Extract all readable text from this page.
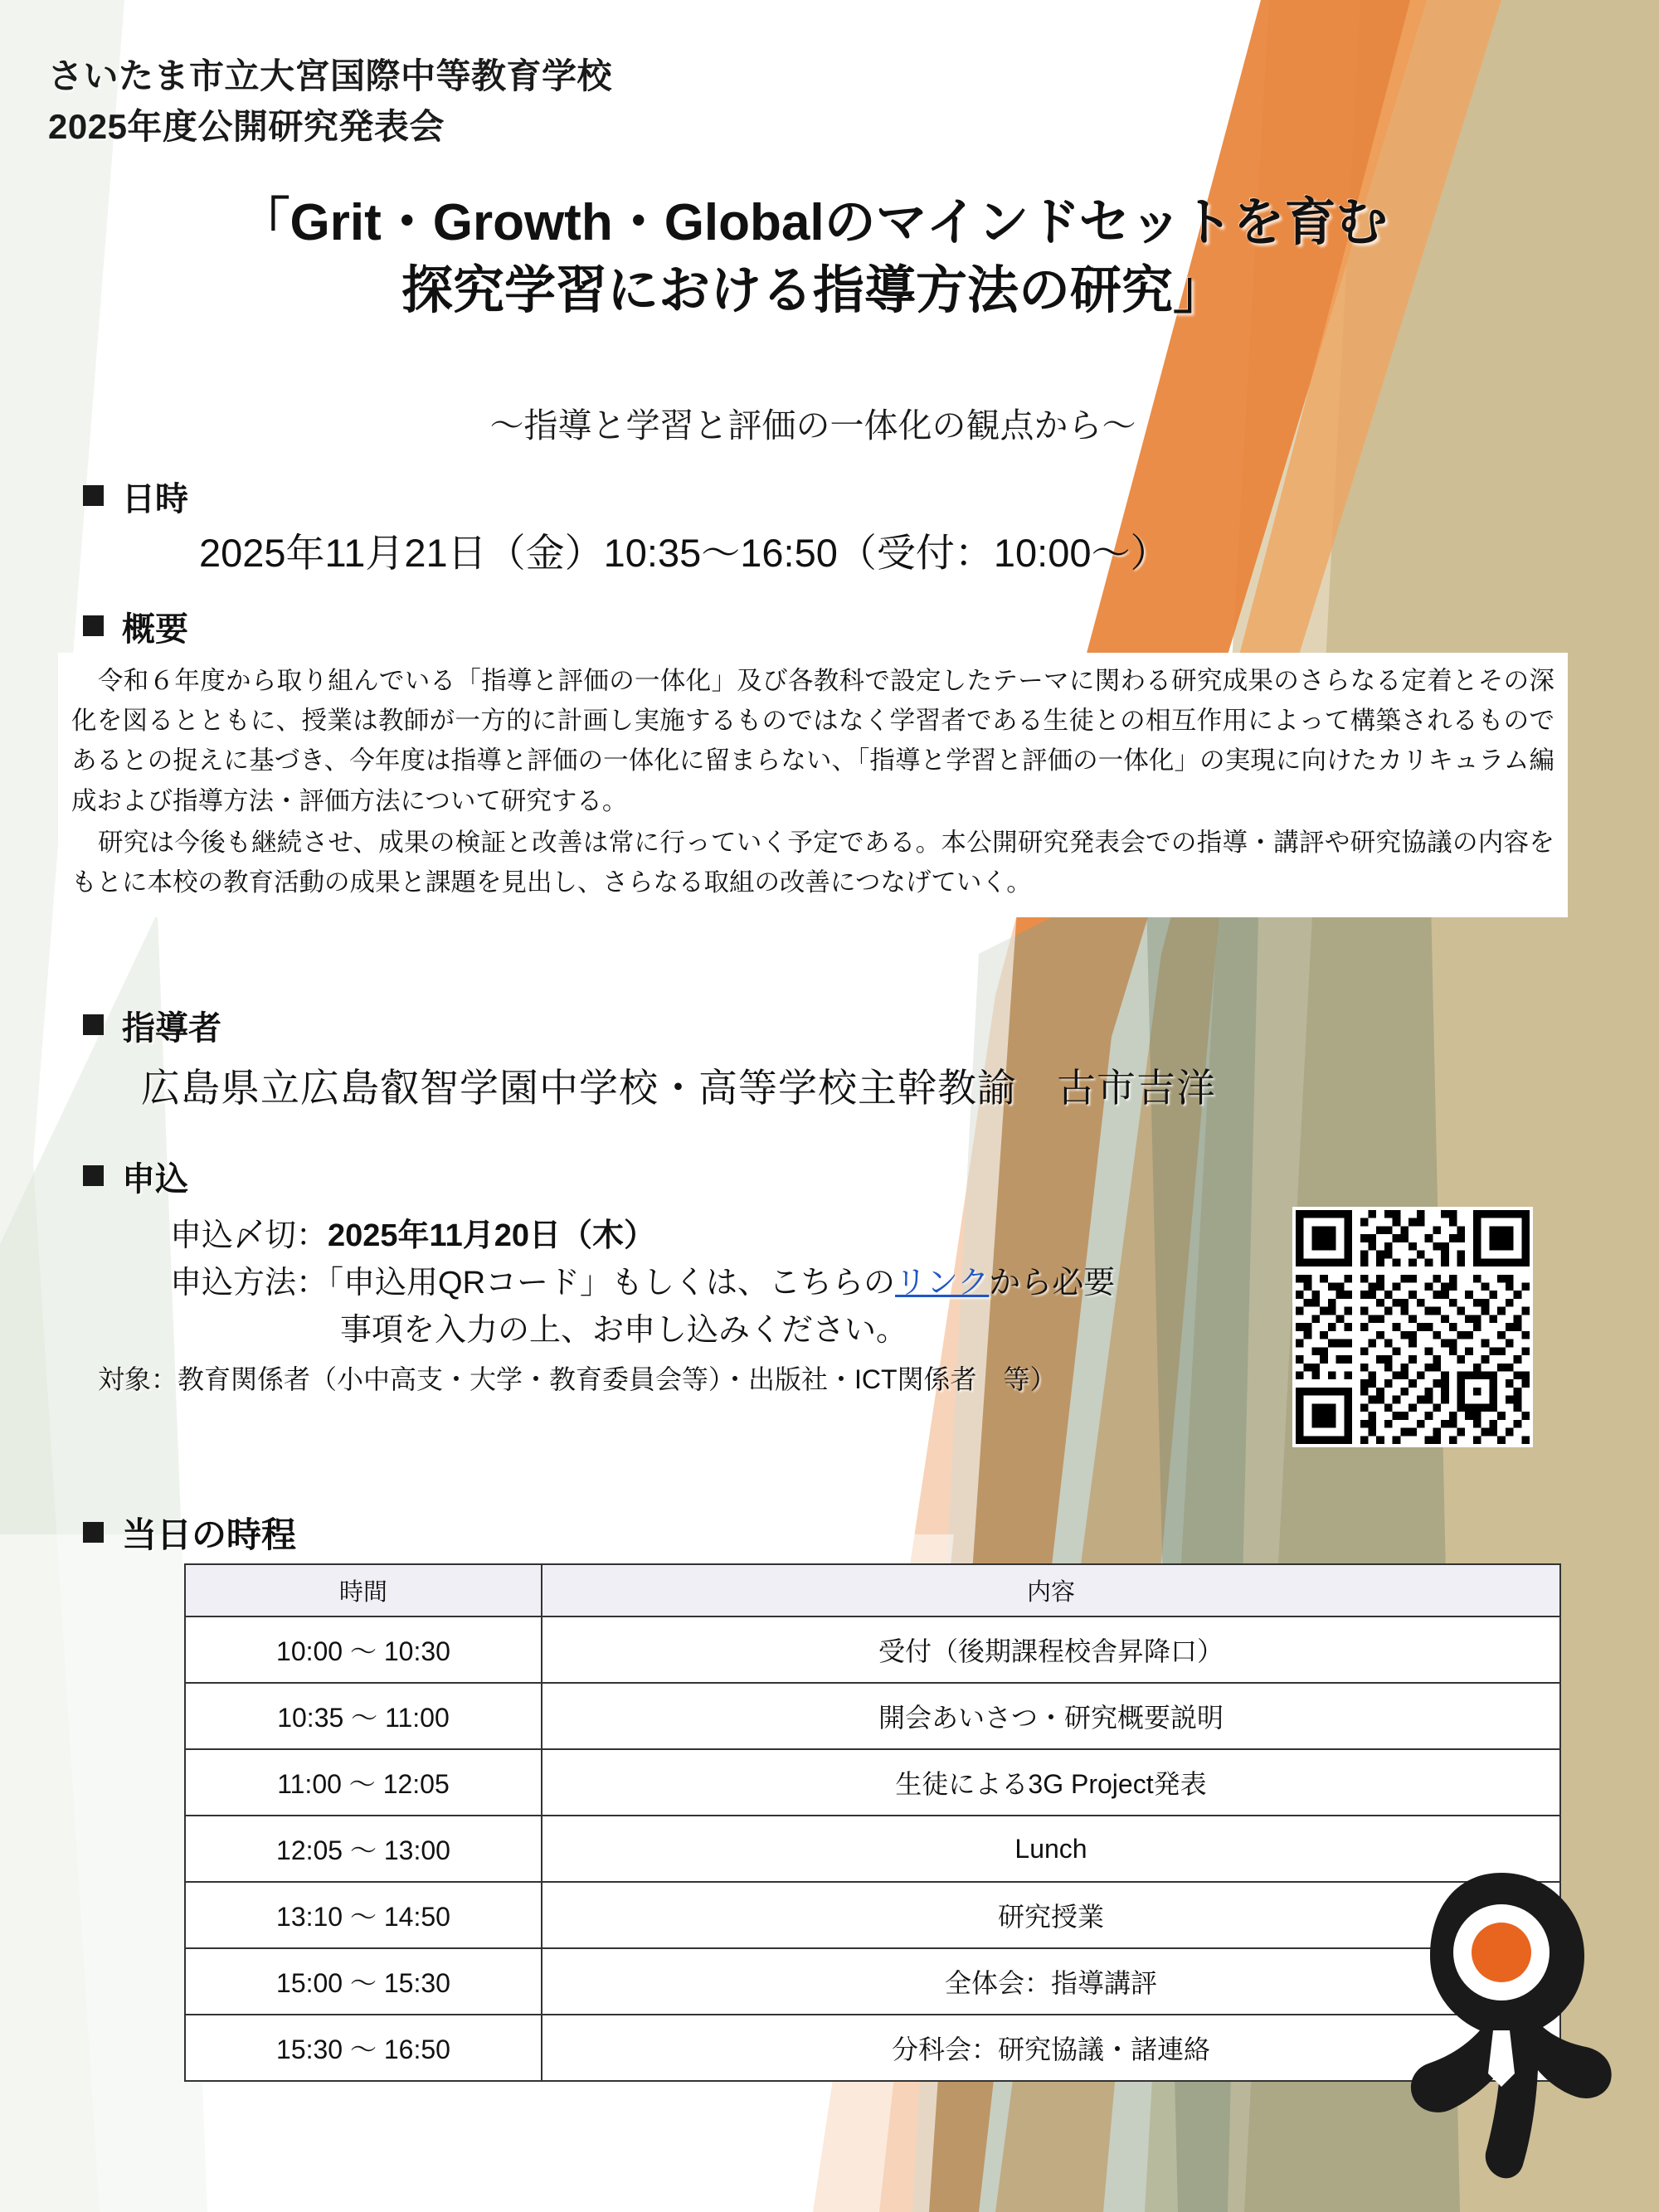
さいたま市立大宮国際中等教育学校
2025年度公開研究発表会
「Grit・Growth・Globalのマインドセットを育む
探究学習における指導方法の研究」
〜指導と学習と評価の一体化の観点から〜
日時
2025年11月21日（金）10:35〜16:50（受付：10:00〜）
概要

令和６年度から取り組んでいる「指導と評価の一体化」及び各教科で設定したテーマに関わる研究成果のさらなる定着とその深化を図るとともに、授業は教師が一方的に計画し実施するものではなく学習者である生徒との相互作用によって構築されるものであるとの捉えに基づき、今年度は指導と評価の一体化に留まらない、「指導と学習と評価の一体化」の実現に向けたカリキュラム編成および指導方法・評価方法について研究する。

研究は今後も継続させ、成果の検証と改善は常に行っていく予定である。本公開研究発表会での指導・講評や研究協議の内容をもとに本校の教育活動の成果と課題を見出し、さらなる取組の改善につなげていく。

指導者
広島県立広島叡智学園中学校・高等学校主幹教諭　古市吉洋
申込
申込〆切：2025年11月20日（木）
申込方法：「申込用QRコード」もしくは、こちらのリンクから必要
事項を入力の上、お申し込みください。
対象：教育関係者（小中高支・大学・教育委員会等）・出版社・ICT関係者　等）
当日の時程
時間	内容
10:00 ～ 10:30	受付（後期課程校舎昇降口）
10:35 ～ 11:00	開会あいさつ・研究概要説明
11:00 ～ 12:05	生徒による3G Project発表
12:05 ～ 13:00	Lunch
13:10 ～ 14:50	研究授業
15:00 ～ 15:30	全体会：指導講評
15:30 ～ 16:50	分科会：研究協議・諸連絡
